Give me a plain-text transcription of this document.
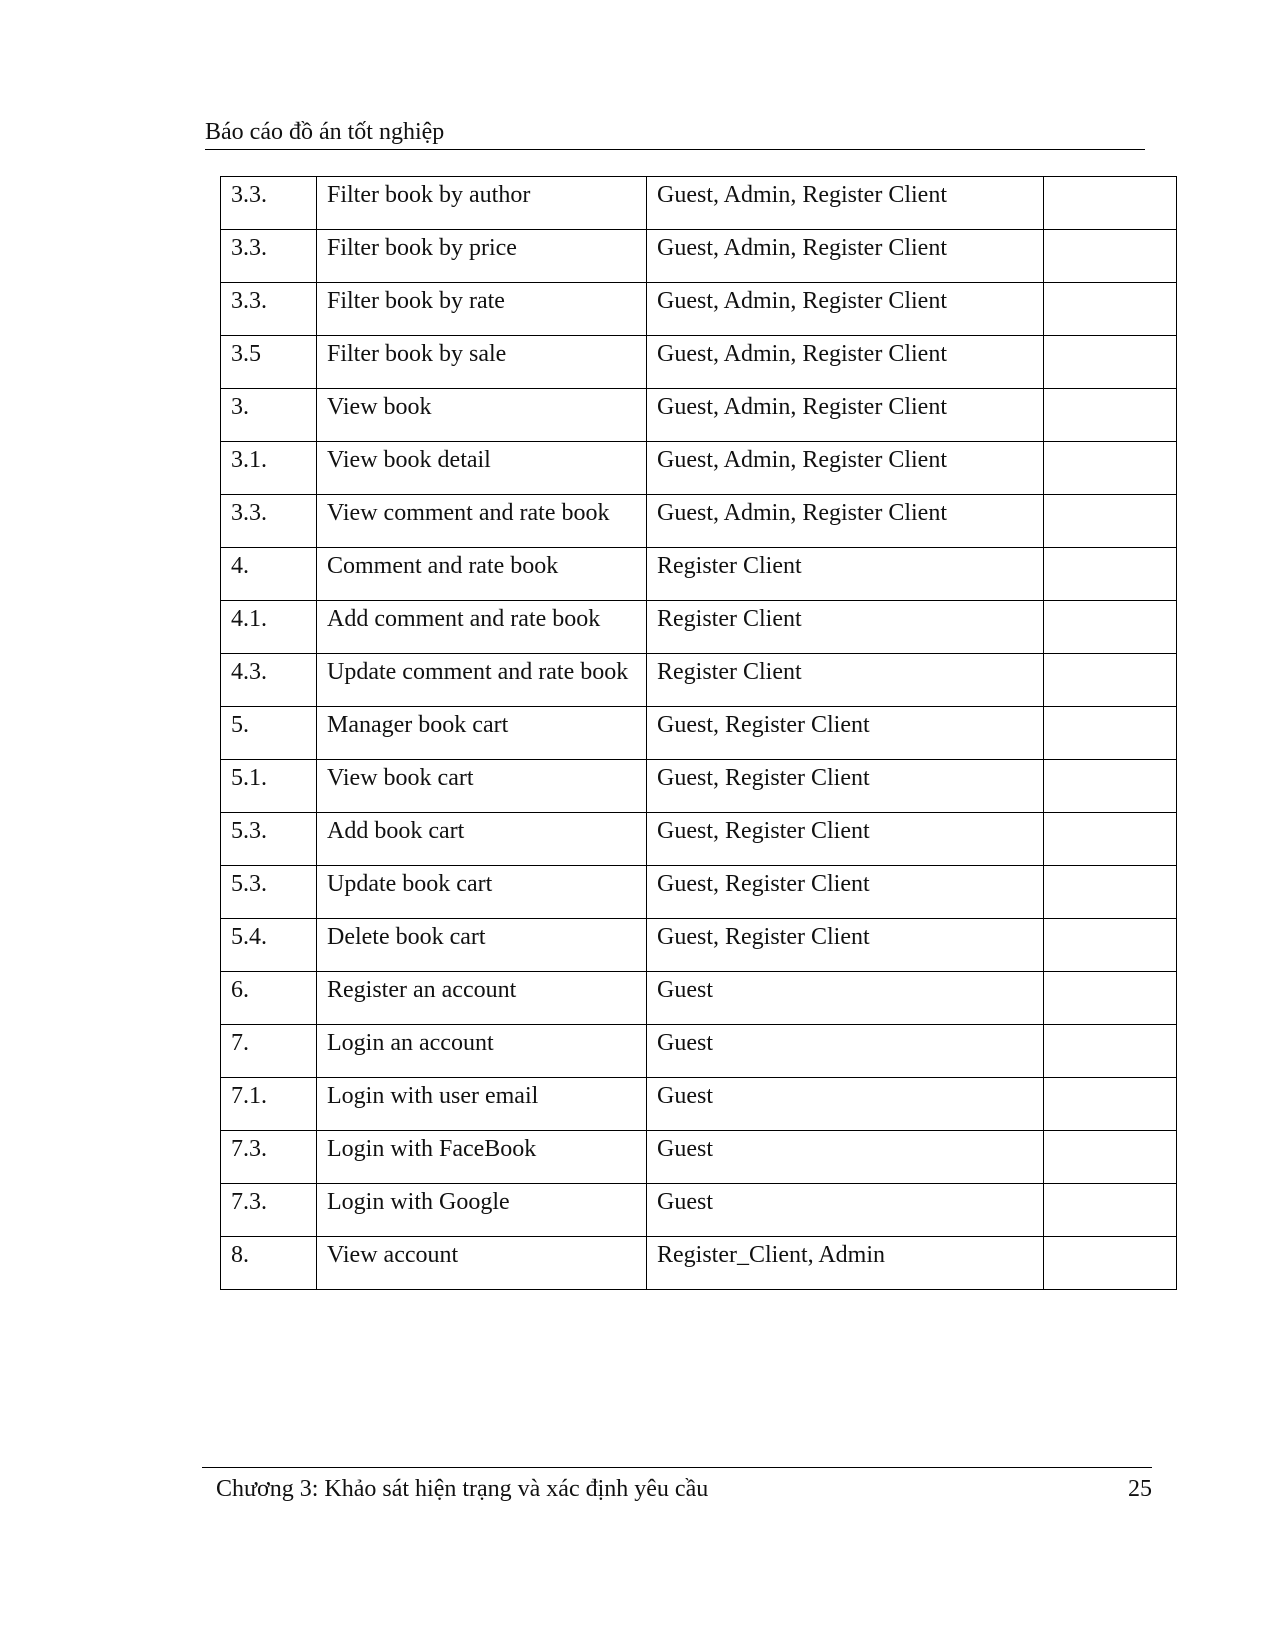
Báo cáo đồ án tốt nghiệp
3.3.	Filter book by author	Guest, Admin, Register Client	
3.3.	Filter book by price	Guest, Admin, Register Client	
3.3.	Filter book by rate	Guest, Admin, Register Client	
3.5	Filter book by sale	Guest, Admin, Register Client	
3.	View book	Guest, Admin, Register Client	
3.1.	View book detail	Guest, Admin, Register Client	
3.3.	View comment and rate book	Guest, Admin, Register Client	
4.	Comment and rate book	Register Client	
4.1.	Add comment and rate book	Register Client	
4.3.	Update comment and rate book	Register Client	
5.	Manager book cart	Guest, Register Client	
5.1.	View book cart	Guest, Register Client	
5.3.	Add book cart	Guest, Register Client	
5.3.	Update book cart	Guest, Register Client	
5.4.	Delete book cart	Guest, Register Client	
6.	Register an account	Guest	
7.	Login an account	Guest	
7.1.	Login with user email	Guest	
7.3.	Login with FaceBook	Guest	
7.3.	Login with Google	Guest	
8.	View account	Register_Client, Admin	
Chương 3: Khảo sát hiện trạng và xác định yêu cầu	25
